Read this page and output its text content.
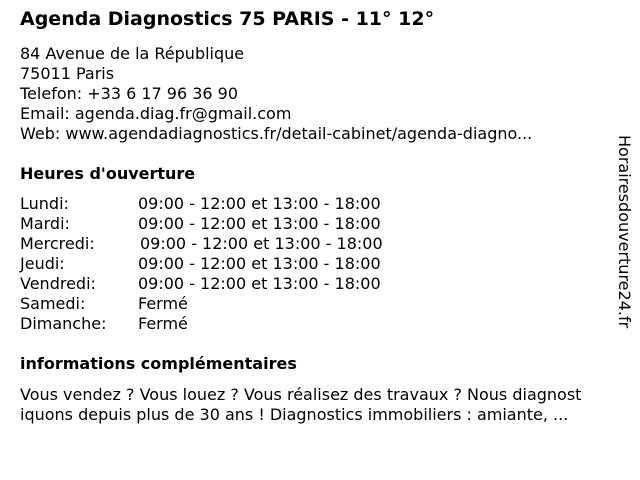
Agenda Diagnostics 75 PARIS - 11° 12°
84 Avenue de la République
75011 Paris
Telefon: +33 6 17 96 36 90
Email: agenda.diag.fr@gmail.com
Web: www.agendadiagnostics.fr/detail-cabinet/agenda-diagno...
Heures d'ouverture
Lundi:	09:00 - 12:00 et 13:00 - 18:00
Mardi:	09:00 - 12:00 et 13:00 - 18:00
Mercredi:	09:00 - 12:00 et 13:00 - 18:00
Jeudi:	09:00 - 12:00 et 13:00 - 18:00
Vendredi:	09:00 - 12:00 et 13:00 - 18:00
Samedi:	Fermé
Dimanche: Fermé
informations complémentaires
Vous vendez ? Vous louez ? Vous réalisez des travaux ? Nous diagnost
iquons depuis plus de 30 ans ! Diagnostics immobiliers : amiante, ...
Horairesdouverture24.fr
